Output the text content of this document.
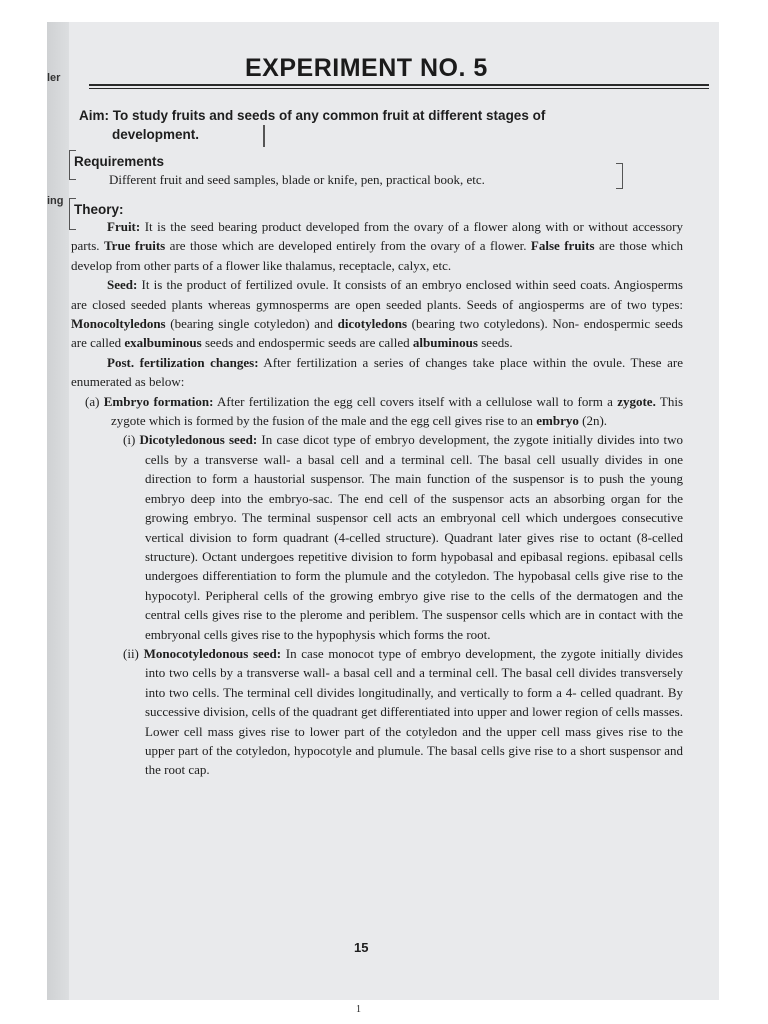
ler
ing
EXPERIMENT NO. 5
Aim: To study fruits and seeds of any common fruit at different stages of
development.
Requirements
Different fruit and seed samples, blade or knife, pen, practical book, etc.
Theory:

Fruit: It is the seed bearing product developed from the ovary of a flower along with or without accessory parts. True fruits are those which are developed entirely from the ovary of a flower. False fruits are those which develop from other parts of a flower like thalamus, receptacle, calyx, etc.

Seed: It is the product of fertilized ovule. It consists of an embryo enclosed within seed coats. Angiosperms are closed seeded plants whereas gymnosperms are open seeded plants. Seeds of angiosperms are of two types: Monocoltyledons (bearing single cotyledon) and dicotyledons (bearing two cotyledons). Non- endospermic seeds are called exalbuminous seeds and endospermic seeds are called albuminous seeds.

Post. fertilization changes: After fertilization a series of changes take place within the ovule. These are enumerated as below:

(a) Embryo formation: After fertilization the egg cell covers itself with a cellulose wall to form a zygote. This zygote which is formed by the fusion of the male and the egg cell gives rise to an embryo (2n).

(i) Dicotyledonous seed: In case dicot type of embryo development, the zygote initially divides into two cells by a transverse wall- a basal cell and a terminal cell. The basal cell usually divides in one direction to form a haustorial suspensor. The main function of the suspensor is to push the young embryo deep into the embryo-sac. The end cell of the suspensor acts an absorbing organ for the growing embryo. The terminal suspensor cell acts an embryonal cell which undergoes consecutive vertical division to form quadrant (4-celled structure). Quadrant later gives rise to octant (8-celled structure). Octant undergoes repetitive division to form hypobasal and epibasal regions. epibasal cells undergoes differentiation to form the plumule and the cotyledon. The hypobasal cells give rise to the hypocotyl. Peripheral cells of the growing embryo give rise to the cells of the dermatogen and the central cells gives rise to the plerome and periblem. The suspensor cells which are in contact with the embryonal cells gives rise to the hypophysis which forms the root.

(ii) Monocotyledonous seed: In case monocot type of embryo development, the zygote initially divides into two cells by a transverse wall- a basal cell and a terminal cell. The basal cell divides transversely into two cells. The terminal cell divides longitudinally, and vertically to form a 4- celled quadrant. By successive division, cells of the quadrant get differentiated into upper and lower region of cells masses. Lower cell mass gives rise to lower part of the cotyledon and the upper cell mass gives rise to the upper part of the cotyledon, hypocotyle and plumule. The basal cells give rise to a short suspensor and the root cap.

15
1
